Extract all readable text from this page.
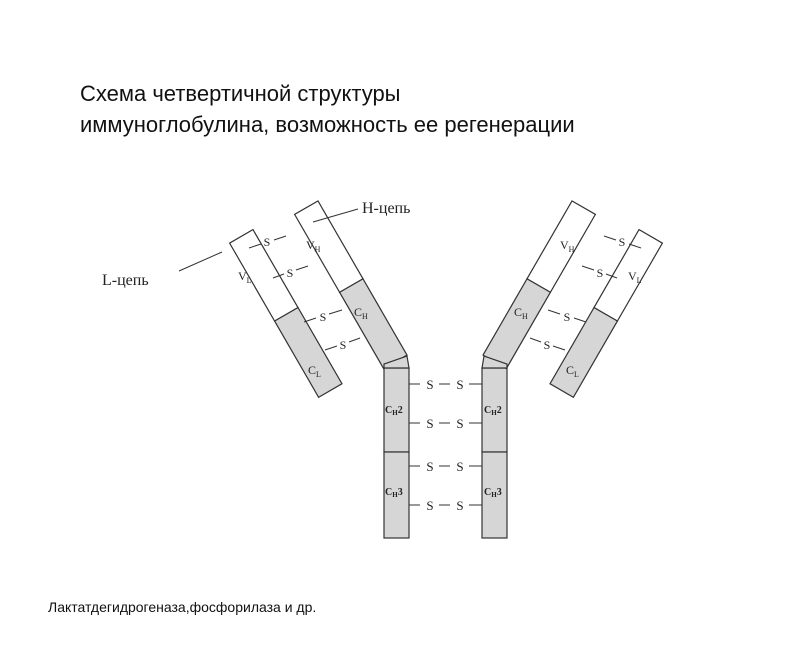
Схема четвертичной структуры
иммуноглобулина, возможность ее регенерации
$C_H2$
$C_H3$
$C_H2$
$C_H3$
S S
S S
S S
S S
$V_H$
$C_H$
$V_L$
$C_L$
S
S
S
S
$V_H$
$C_H$
$V_L$
$C_L$
S
S
S
S
H-цепь
L-цепь
Лактатдегидрогеназа,фосфорилаза и др.
